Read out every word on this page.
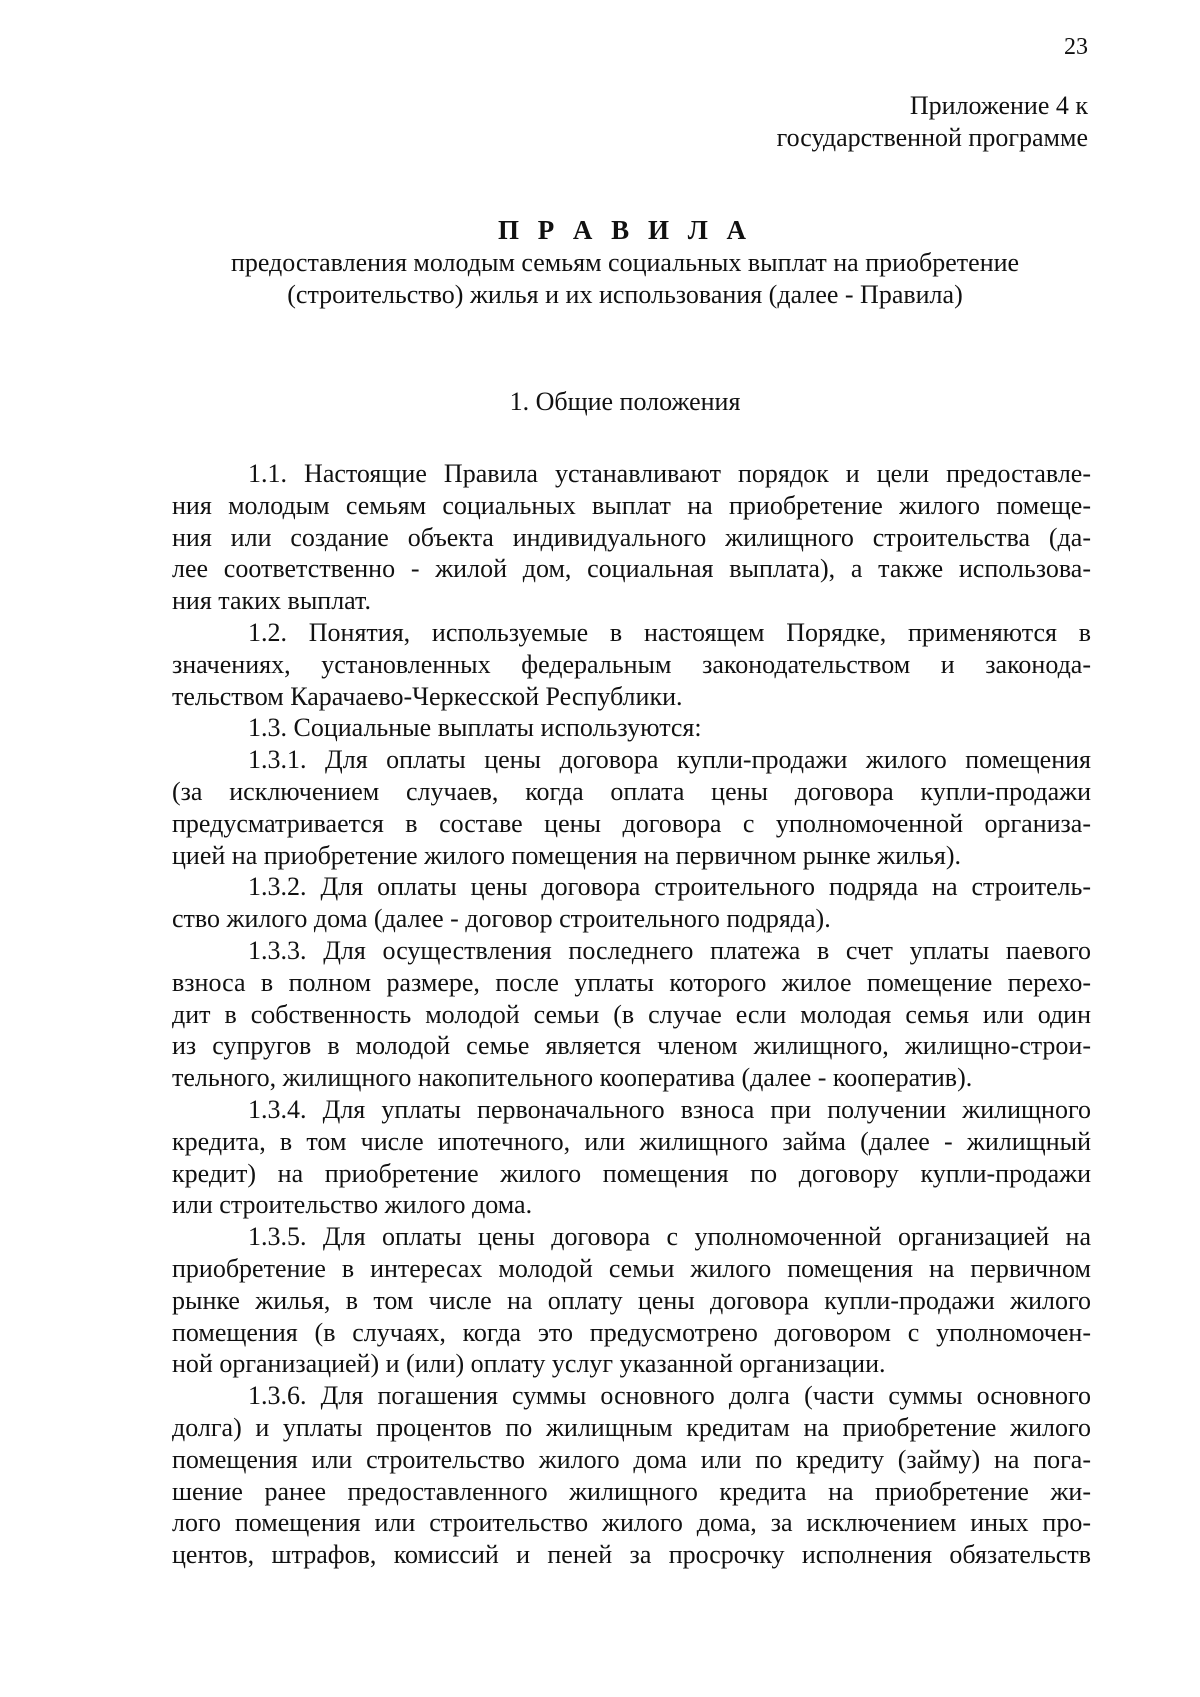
23
Приложение 4 к
государственной программе
П Р А В И Л А
предоставления молодым семьям социальных выплат на приобретение
(строительство) жилья и их использования (далее - Правила)
1. Общие положения
1.1. Настоящие Правила устанавливают порядок и цели предоставле-
ния молодым семьям социальных выплат на приобретение жилого помеще-
ния или создание объекта индивидуального жилищного строительства (да-
лее соответственно - жилой дом, социальная выплата), а также использова-
ния таких выплат.
1.2. Понятия, используемые в настоящем Порядке, применяются в
значениях, установленных федеральным законодательством и законода-
тельством Карачаево-Черкесской Республики.
1.3. Социальные выплаты используются:
1.3.1. Для оплаты цены договора купли-продажи жилого помещения
(за исключением случаев, когда оплата цены договора купли-продажи
предусматривается в составе цены договора с уполномоченной организа-
цией на приобретение жилого помещения на первичном рынке жилья).
1.3.2. Для оплаты цены договора строительного подряда на строитель-
ство жилого дома (далее - договор строительного подряда).
1.3.3. Для осуществления последнего платежа в счет уплаты паевого
взноса в полном размере, после уплаты которого жилое помещение перехо-
дит в собственность молодой семьи (в случае если молодая семья или один
из супругов в молодой семье является членом жилищного, жилищно-строи-
тельного, жилищного накопительного кооператива (далее - кооператив).
1.3.4. Для уплаты первоначального взноса при получении жилищного
кредита, в том числе ипотечного, или жилищного займа (далее - жилищный
кредит) на приобретение жилого помещения по договору купли-продажи
или строительство жилого дома.
1.3.5. Для оплаты цены договора с уполномоченной организацией на
приобретение в интересах молодой семьи жилого помещения на первичном
рынке жилья, в том числе на оплату цены договора купли-продажи жилого
помещения (в случаях, когда это предусмотрено договором с уполномочен-
ной организацией) и (или) оплату услуг указанной организации.
1.3.6. Для погашения суммы основного долга (части суммы основного
долга) и уплаты процентов по жилищным кредитам на приобретение жилого
помещения или строительство жилого дома или по кредиту (займу) на пога-
шение ранее предоставленного жилищного кредита на приобретение жи-
лого помещения или строительство жилого дома, за исключением иных про-
центов, штрафов, комиссий и пеней за просрочку исполнения обязательств
